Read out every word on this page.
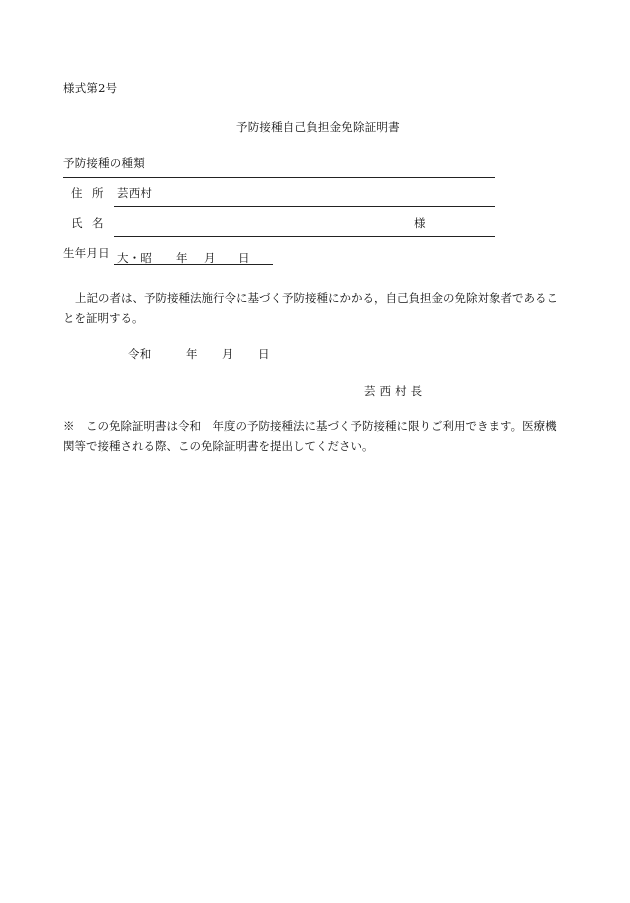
様式第2号
予防接種自己負担金免除証明書
予防接種の種類
住 所 芸西村
氏 名	様
生年月日 大・昭 年 月 日
上記の者は、予防接種法施行令に基づく予防接種にかかる，自己負担金の免除対象者であるこ
とを証明する。
令和	年 月 日
芸 西 村 長
※　この免除証明書は令和　年度の予防接種法に基づく予防接種に限りご利用できます。医療機
関等で接種される際、この免除証明書を提出してください。
